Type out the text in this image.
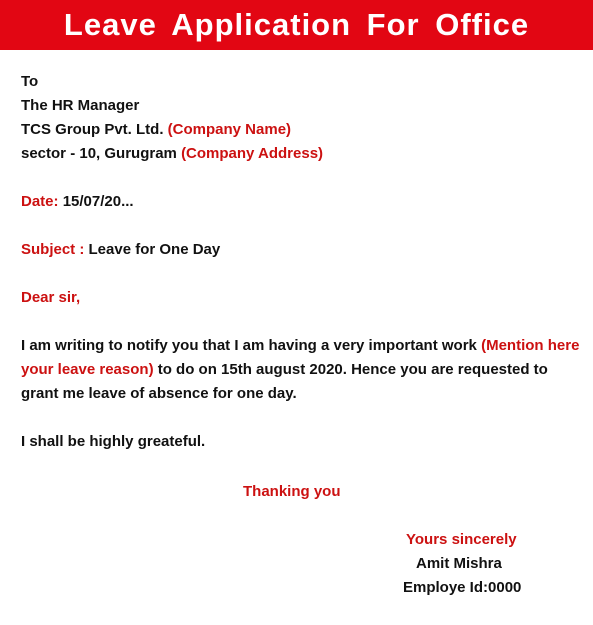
Leave Application For Office
To
The HR Manager
TCS Group Pvt. Ltd. (Company Name)
sector - 10, Gurugram (Company Address)
Date: 15/07/20...
Subject : Leave for One Day
Dear sir,
I am writing to notify you that I am having a very important work (Mention here your leave reason) to do on 15th august 2020. Hence you are requested to grant me leave of absence for one day.
I shall be highly greateful.
Thanking you
Yours sincerely
Amit Mishra
Employe Id:0000
